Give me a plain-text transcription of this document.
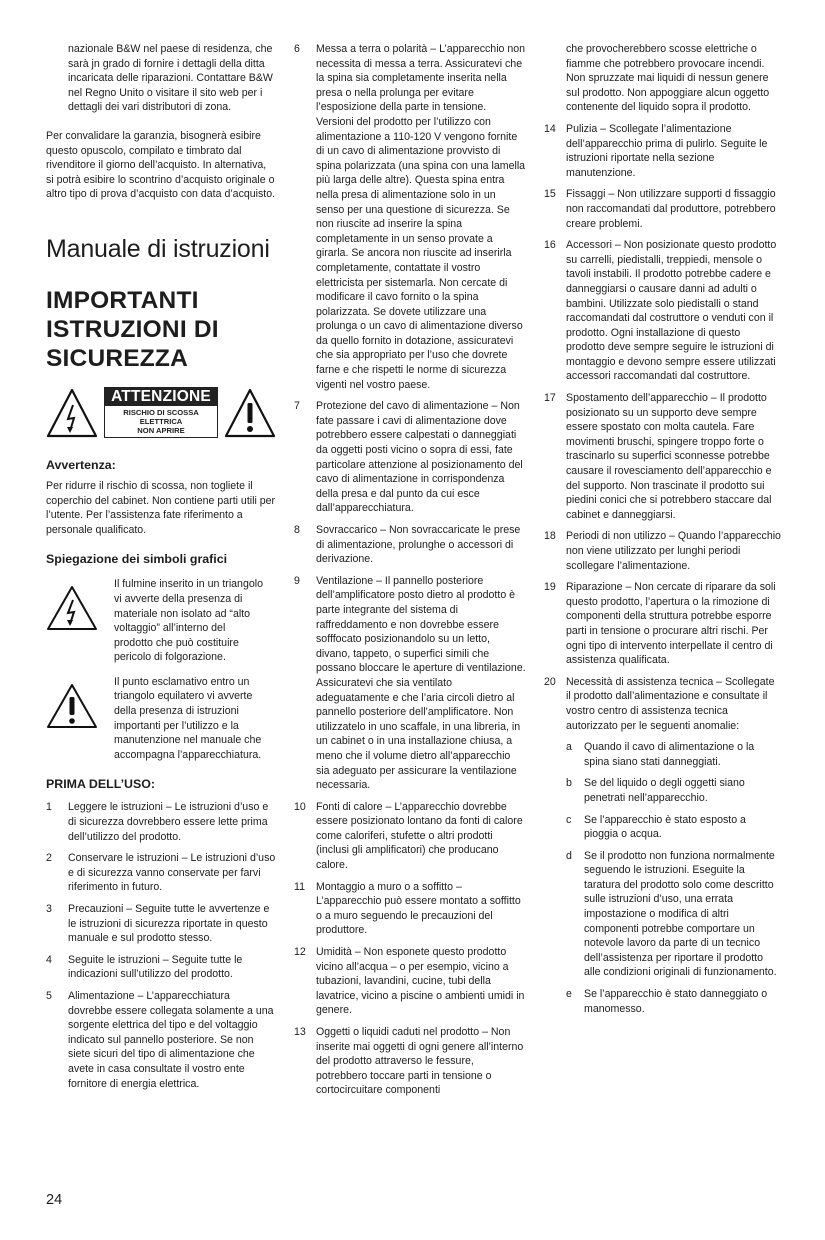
nazionale B&W nel paese di residenza, che sarà jn grado di fornire i dettagli della ditta incaricata delle riparazioni. Contattare B&W nel Regno Unito o visitare il sito web per i dettagli dei vari distributori di zona.

Per convalidare la garanzia, bisognerà esibire questo opuscolo, compilato e timbrato dal rivenditore il giorno dell’acquisto. In alternativa, si potrà esibire lo scontrino d’acquisto originale o altro tipo di prova d’acquisto con data d’acquisto.

Manuale di istruzioni
IMPORTANTI
ISTRUZIONI DI
SICUREZZA
ATTENZIONE
RISCHIO DI SCOSSA ELETTRICA
NON APRIRE
Avvertenza:

Per ridurre il rischio di scossa, non togliete il coperchio del cabinet. Non contiene parti utili per l’utente. Per l’assistenza fate riferimento a personale qualificato.

Spiegazione dei simboli grafici

Il fulmine inserito in un triangolo vi avverte della presenza di materiale non isolato ad “alto voltaggio” all’interno del prodotto che può costituire pericolo di folgorazione.

Il punto esclamativo entro un triangolo equilatero vi avverte della presenza di istruzioni importanti per l’utilizzo e la manutenzione nel manuale che accompagna l’apparecchiatura.

PRIMA DELL’USO:
1	Leggere le istruzioni – Le istruzioni d’uso e di sicurezza dovrebbero essere lette prima dell’utilizzo del prodotto.
2	Conservare le istruzioni – Le istruzioni d’uso e di sicurezza vanno conservate per farvi riferimento in futuro.
3	Precauzioni – Seguite tutte le avvertenze e le istruzioni di sicurezza riportate in questo manuale e sul prodotto stesso.
4	Seguite le istruzioni – Seguite tutte le indicazioni sull’utilizzo del prodotto.
5	Alimentazione – L’apparecchiatura dovrebbe essere collegata solamente a una sorgente elettrica del tipo e del voltaggio indicato sul pannello posteriore. Se non siete sicuri del tipo di alimentazione che avete in casa consultate il vostro ente fornitore di energia elettrica.
6	Messa a terra o polarità – L’apparecchio non necessita di messa a terra. Assicuratevi che la spina sia completamente inserita nella presa o nella prolunga per evitare l’esposizione della parte in tensione. Versioni del prodotto per l’utilizzo con alimentazione a 110-120 V vengono fornite di un cavo di alimentazione provvisto di spina polarizzata (una spina con una lamella più larga delle altre). Questa spina entra nella presa di alimentazione solo in un senso per una questione di sicurezza. Se non riuscite ad inserire la spina completamente in un senso provate a girarla. Se ancora non riuscite ad inserirla completamente, contattate il vostro elettricista per sistemarla. Non cercate di modificare il cavo fornito o la spina polarizzata. Se dovete utilizzare una prolunga o un cavo di alimentazione diverso da quello fornito in dotazione, assicuratevi che sia appropriato per l’uso che dovrete farne e che rispetti le norme di sicurezza vigenti nel vostro paese.
7	Protezione del cavo di alimentazione – Non fate passare i cavi di alimentazione dove potrebbero essere calpestati o danneggiati da oggetti posti vicino o sopra di essi, fate particolare attenzione al posizionamento del cavo di alimentazione in corrispondenza della presa e dal punto da cui esce dall’apparecchiatura.
8	Sovraccarico – Non sovraccaricate le prese di alimentazione, prolunghe o accessori di derivazione.
9	Ventilazione – Il pannello posteriore dell’amplificatore posto dietro al prodotto è parte integrante del sistema di raffreddamento e non dovrebbe essere sofffocato posizionandolo su un letto, divano, tappeto, o superfici simili che possano bloccare le aperture di ventilazione. Assicuratevi che sia ventilato adeguatamente e che l’aria circoli dietro al pannello posteriore dell’amplificatore. Non utilizzatelo in uno scaffale, in una libreria, in un cabinet o in una installazione chiusa, a meno che il volume dietro all’apparecchio sia adeguato per assicurare la ventilazione necessaria.
10 Fonti di calore – L’apparecchio dovrebbe essere posizionato lontano da fonti di calore come caloriferi, stufette o altri prodotti (inclusi gli amplificatori) che producano calore.
11	Montaggio a muro o a soffitto – L’apparecchio può essere montato a soffitto o a muro seguendo le precauzioni del produttore.
12 Umidità – Non esponete questo prodotto vicino all’acqua – o per esempio, vicino a tubazioni, lavandini, cucine, tubi della lavatrice, vicino a piscine o ambienti umidi in genere.
13 Oggetti o liquidi caduti nel prodotto – Non inserite mai oggetti di ogni genere all’interno del prodotto attraverso le fessure, potrebbero toccare parti in tensione o cortocircuitare componenti

che provocherebbero scosse elettriche o fiamme che potrebbero provocare incendi. Non spruzzate mai liquidi di nessun genere sul prodotto. Non appoggiare alcun oggetto contenente del liquido sopra il prodotto.

14 Pulizia – Scollegate l’alimentazione dell’apparecchio prima di pulirlo. Seguite le istruzioni riportate nella sezione manutenzione.
15 Fissaggi – Non utilizzare supporti d fissaggio non raccomandati dal produttore, potrebbero creare problemi.
16 Accessori – Non posizionate questo prodotto su carrelli, piedistalli, treppiedi, mensole o tavoli instabili. Il prodotto potrebbe cadere e danneggiarsi o causare danni ad adulti o bambini. Utilizzate solo piedistalli o stand raccomandati dal costruttore o venduti con il prodotto. Ogni installazione di questo prodotto deve sempre seguire le istruzioni di montaggio e devono sempre essere utilizzati accessori raccomandati dal costruttore.
17 Spostamento dell’apparecchio – Il prodotto posizionato su un supporto deve sempre essere spostato con molta cautela. Fare movimenti bruschi, spingere troppo forte o trascinarlo su superfici sconnesse potrebbe causare il rovesciamento dell’apparecchio e del supporto. Non trascinate il prodotto sui piedini conici che si potrebbero staccare dal cabinet e danneggiarsi.
18 Periodi di non utilizzo – Quando l’apparecchio non viene utilizzato per lunghi periodi scollegare l’alimentazione.
19 Riparazione – Non cercate di riparare da soli questo prodotto, l’apertura o la rimozione di componenti della struttura potrebbe esporre parti in tensione o procurare altri rischi. Per ogni tipo di intervento interpellate il centro di assistenza qualificata.
20 Necessità di assistenza tecnica – Scollegate il prodotto dall’alimentazione e consultate il vostro centro di assistenza tecnica autorizzato per le seguenti anomalie:
a	Quando il cavo di alimentazione o la spina siano stati danneggiati.
b	Se del liquido o degli oggetti siano penetrati nell’apparecchio.
c	Se l’apparecchio è stato esposto a pioggia o acqua.
d	Se il prodotto non funziona normalmente seguendo le istruzioni. Eseguite la taratura del prodotto solo come descritto sulle istruzioni d’uso, una errata impostazione o modifica di altri componenti potrebbe comportare un notevole lavoro da parte di un tecnico dell’assistenza per riportare il prodotto alle condizioni originali di funzionamento.
e	Se l’apparecchio è stato danneggiato o manomesso.
24
